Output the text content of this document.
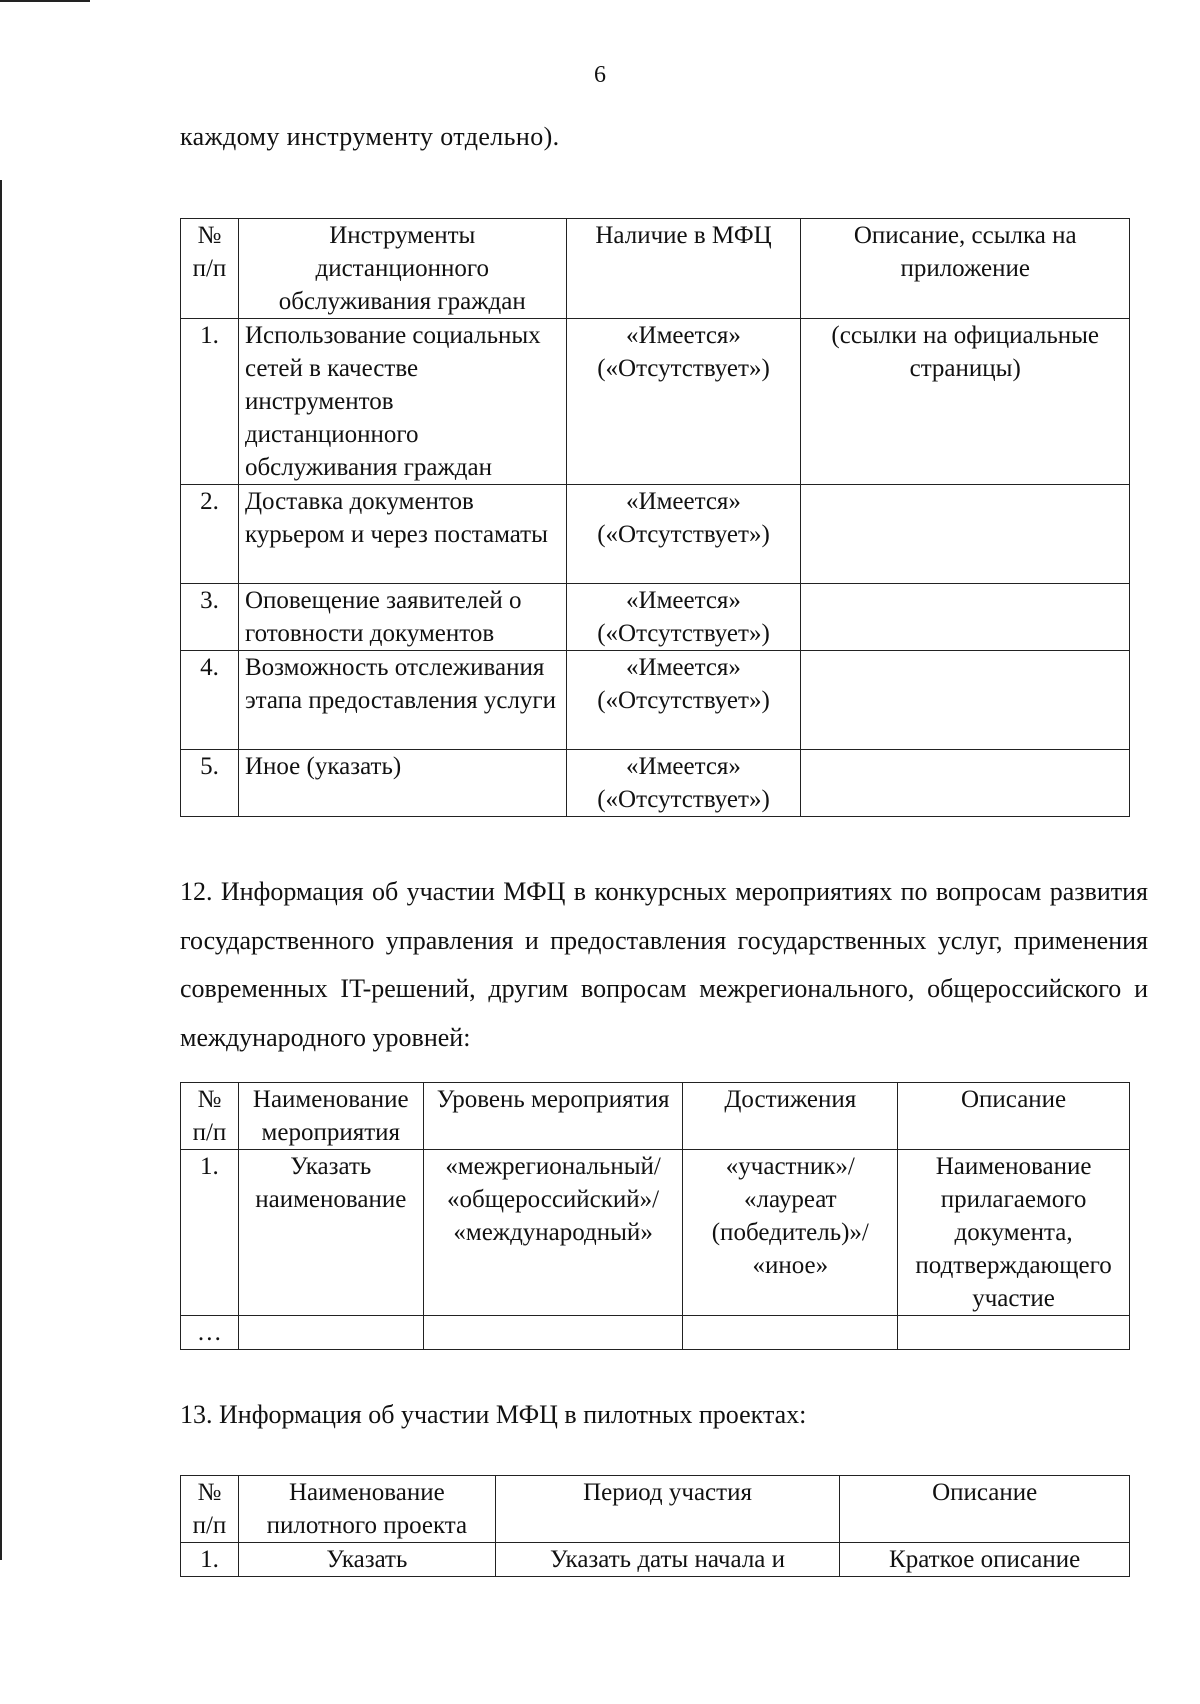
6
каждому инструменту отдельно).
№ п/п	Инструменты дистанционного обслуживания граждан	Наличие в МФЦ	Описание, ссылка на приложение
1.	Использование социальных сетей в качестве инструментов дистанционного обслуживания граждан	«Имеется» («Отсутствует»)	(ссылки на официальные страницы)
2.	Доставка документов курьером и через постаматы	«Имеется» («Отсутствует»)	
3.	Оповещение заявителей о готовности документов	«Имеется» («Отсутствует»)	
4.	Возможность отслеживания этапа предоставления услуги	«Имеется» («Отсутствует»)	
5.	Иное (указать)	«Имеется» («Отсутствует»)	
12. Информация об участии МФЦ в конкурсных мероприятиях по вопросам развития государственного управления и предоставления государственных услуг, применения современных IT-решений, другим вопросам межрегионального, общероссийского и международного уровней:
№ п/п	Наименование мероприятия	Уровень мероприятия	Достижения	Описание
1.	Указать наименование	«межрегиональный/ «общероссийский»/ «международный»	«участник»/ «лауреат (победитель)»/ «иное»	Наименование прилагаемого документа, подтверждающего участие
…				
13. Информация об участии МФЦ в пилотных проектах:
№ п/п	Наименование пилотного проекта	Период участия	Описание
1.	Указать	Указать даты начала и	Краткое описание
